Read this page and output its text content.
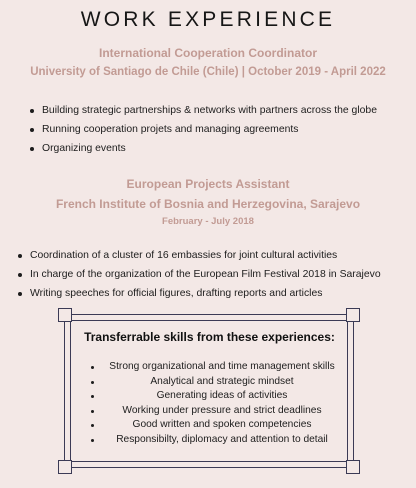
WORK EXPERIENCE
International Cooperation Coordinator
University of Santiago de Chile (Chile) | October 2019 - April 2022
Building strategic partnerships & networks with partners across the globe
Running cooperation projets and managing agreements
Organizing events
European Projects Assistant
French Institute of Bosnia and Herzegovina, Sarajevo
February - July 2018
Coordination of a cluster of 16 embassies for joint cultural activities
In charge of the organization of the European Film Festival 2018 in Sarajevo
Writing speeches for official figures, drafting reports and articles
Transferrable skills from these experiences:
Strong organizational and time management skills
Analytical and strategic mindset
Generating ideas of activities
Working under pressure and strict deadlines
Good written and spoken competencies
Responsibilty, diplomacy and attention to detail
